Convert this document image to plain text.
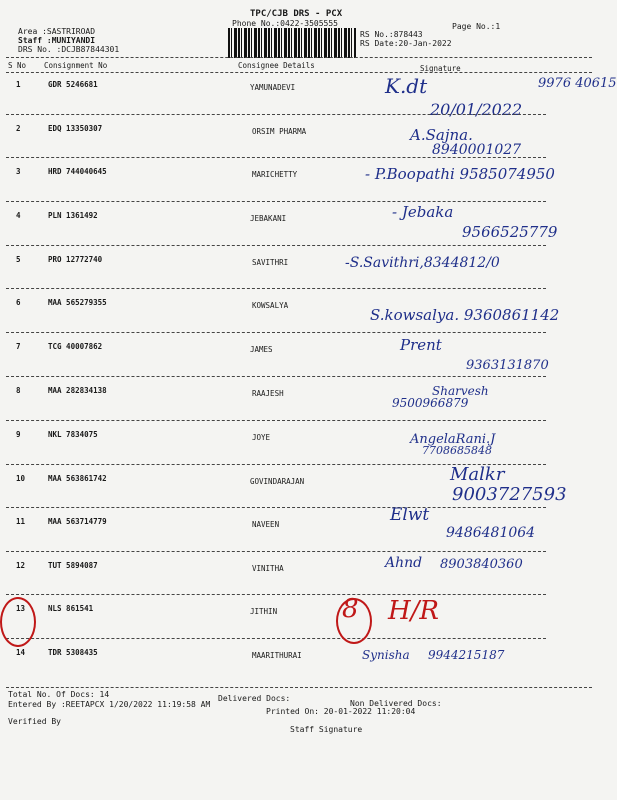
Area :SASTRIROAD
Staff :MUNIYANDI
DRS No. :DCJB87844301
TPC/CJB DRS - PCX
Phone No.:0422-3505555
RS No.:878443
RS Date:20-Jan-2022
Page No.:1
S No Consignment No	Consignee Details	Signature
1	GDR 5246681	YAMUNADEVI	K.dt
20/01/2022
9976 40615
2	EDQ 13350307	ORSIM PHARMA	A.Sajna.
8940001027
3	HRD 744040645	MARICHETTY	- P.Boopathi 9585074950
4	PLN 1361492	JEBAKANI	- Jebaka
9566525779
5	PRO 12772740	SAVITHRI	-S.Savithri,8344812/0
6	MAA 565279355	KOWSALYA
S.kowsalya. 9360861142
7	TCG 40007862	JAMES	Prent
9363131870
8	MAA 282834138	RAAJESH	Sharvesh
9500966879
9	NKL 7834075	JOYE	AngelaRani.J
7708685848
10	MAA 563861742	GOVINDARAJAN	Malkr
9003727593
11	MAA 563714779	NAVEEN	Elwt
9486481064
12	TUT 5894087	VINITHA	Ahnd 8903840360
13	NLS 861541	JITHIN 8 H/R
14	TDR 5308435	MAARITHURAI	Synisha 9944215187
Total No. Of Docs: 14	Delivered Docs:
Non Delivered Docs:
Entered By :REETAPCX 1/20/2022 11:19:58 AM
Printed On: 20-01-2022 11:20:04
Verified By
Staff Signature
